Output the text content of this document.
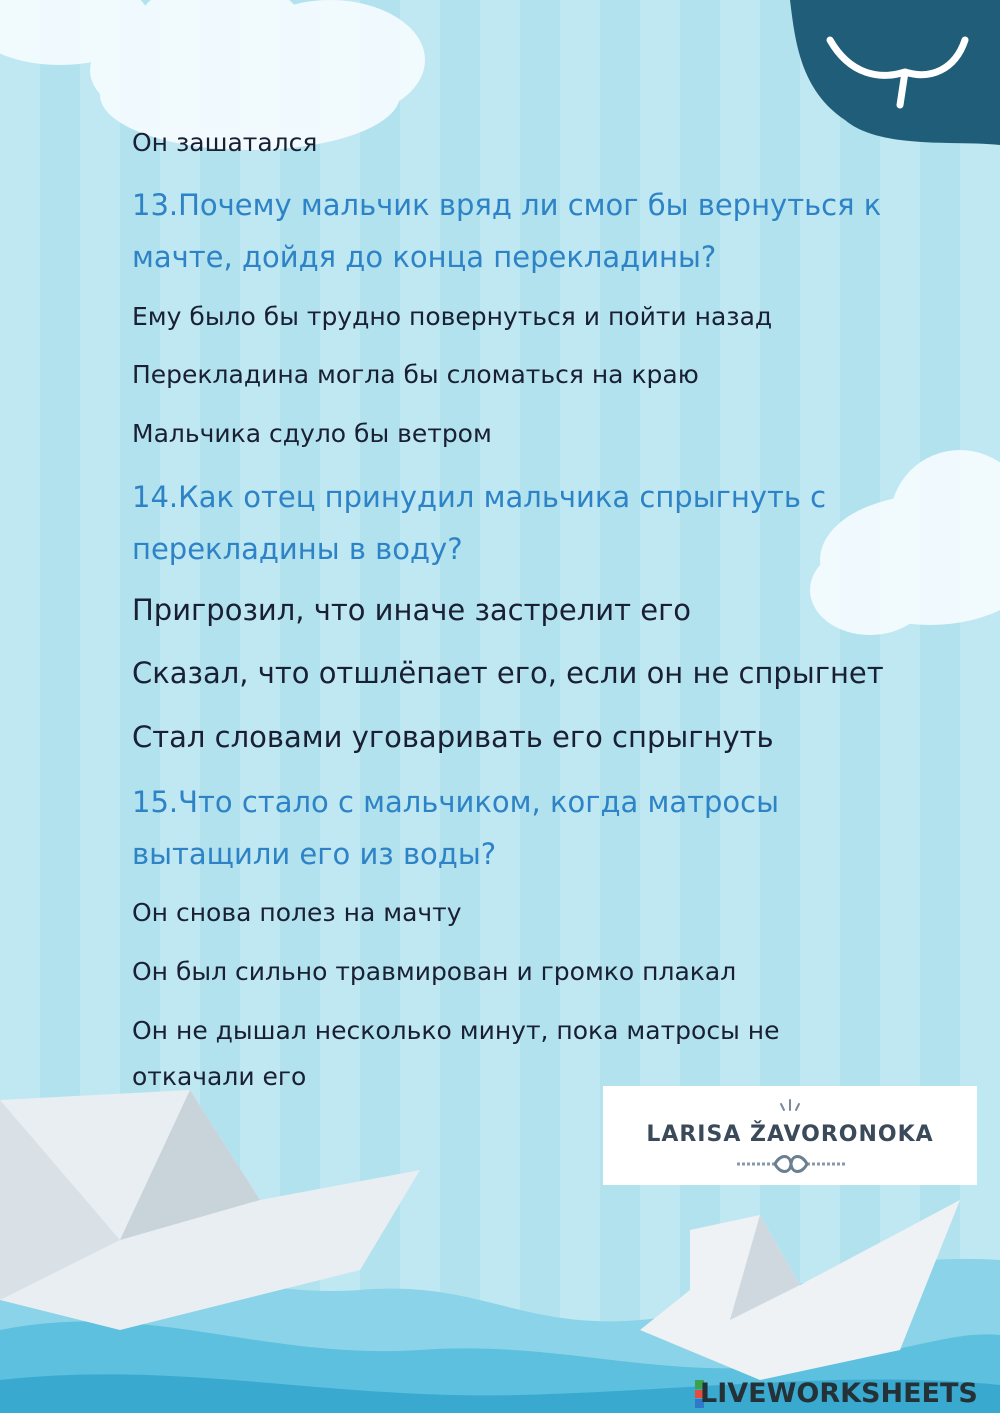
Он зашатался
13.Почему мальчик вряд ли смог бы вернуться к
мачте, дойдя до конца перекладины?
Ему было бы трудно повернуться и пойти назад
Перекладина могла бы сломаться на краю
Мальчика сдуло бы ветром
14.Как отец принудил мальчика спрыгнуть с
перекладины в воду?
Пригрозил, что иначе застрелит его
Сказал, что отшлёпает его, если он не спрыгнет
Стал словами уговаривать его спрыгнуть
15.Что стало с мальчиком, когда матросы
вытащили его из воды?
Он снова полез на мачту
Он был сильно травмирован и громко плакал
Он не дышал несколько минут, пока матросы не
откачали его
LARISA ŽAVORONOKA
LIVEWORKSHEETS
